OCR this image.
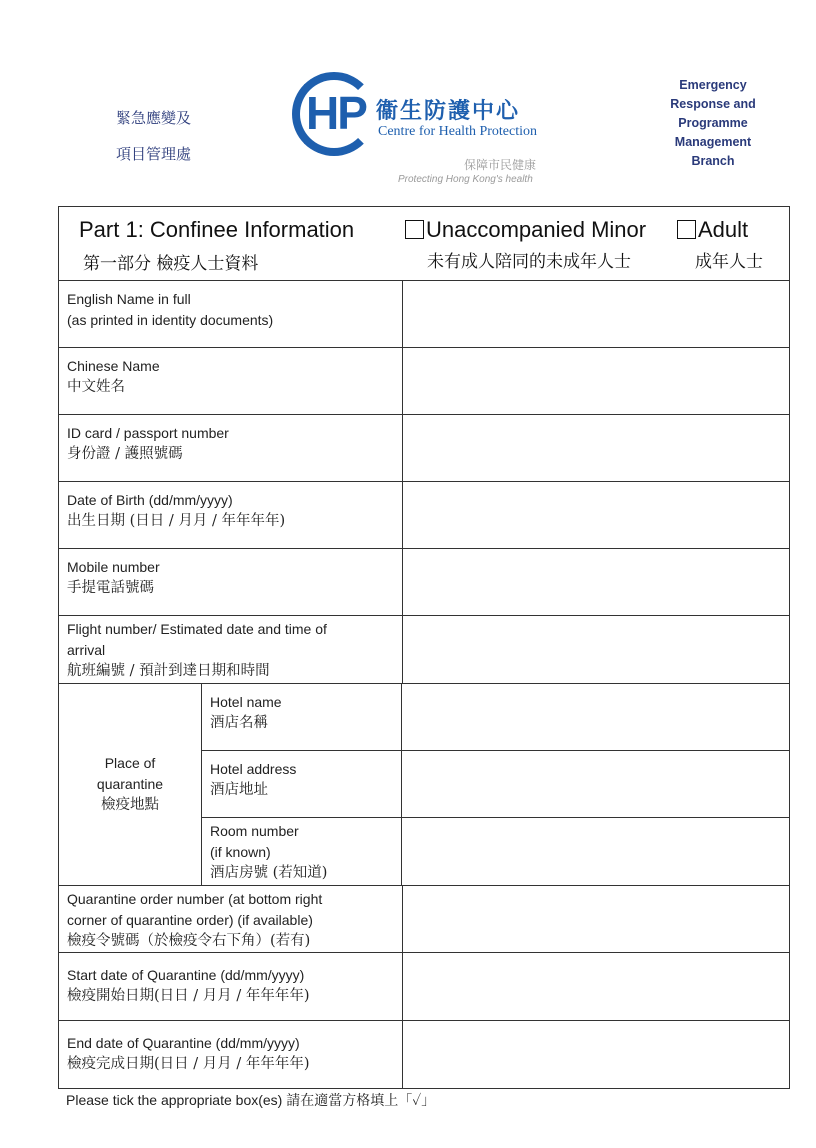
緊急應變及
項目管理處
HP 衞生防護中心
Centre for Health Protection
保障市民健康
Protecting Hong Kong's health
Emergency
Response and
Programme
Management
Branch
Part 1: Confinee Information
第一部分 檢疫人士資料
Unaccompanied Minor
未有成人陪同的未成年人士
Adult
成年人士
English Name in full
(as printed in identity documents)
Chinese Name
中文姓名
ID card / passport number
身份證 / 護照號碼
Date of Birth (dd/mm/yyyy)
出生日期 (日日 / 月月 / 年年年年)
Mobile number
手提電話號碼
Flight number/ Estimated date and time of
arrival
航班編號 / 預計到達日期和時間
Place of
quarantine
檢疫地點
Hotel name
酒店名稱
Hotel address
酒店地址
Room number
(if known)
酒店房號 (若知道)
Quarantine order number (at bottom right
corner of quarantine order) (if available)
檢疫令號碼（於檢疫令右下角）(若有)
Start date of Quarantine (dd/mm/yyyy)
檢疫開始日期(日日 / 月月 / 年年年年)
End date of Quarantine (dd/mm/yyyy)
檢疫完成日期(日日 / 月月 / 年年年年)
Please tick the appropriate box(es) 請在適當方格填上「✓」
